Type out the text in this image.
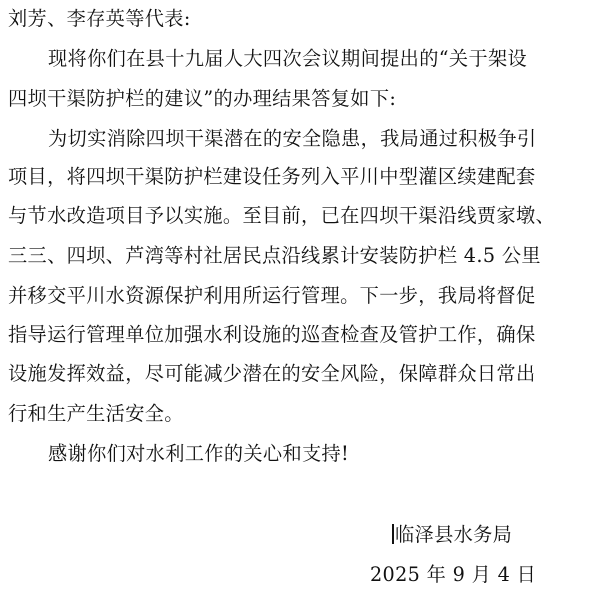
刘芳、李存英等代表:
现将你们在县十九届人大四次会议期间提出的“关于架设
四坝干渠防护栏的建议”的办理结果答复如下:
为切实消除四坝干渠潜在的安全隐患，我局通过积极争引
项目，将四坝干渠防护栏建设任务列入平川中型灌区续建配套
与节水改造项目予以实施。至目前，已在四坝干渠沿线贾家墩、
三三、四坝、芦湾等村社居民点沿线累计安装防护栏 4.5 公里
并移交平川水资源保护利用所运行管理。下一步，我局将督促
指导运行管理单位加强水利设施的巡查检查及管护工作，确保
设施发挥效益，尽可能减少潜在的安全风险，保障群众日常出
行和生产生活安全。
感谢你们对水利工作的关心和支持!
临泽县水务局
2025 年 9 月 4 日
